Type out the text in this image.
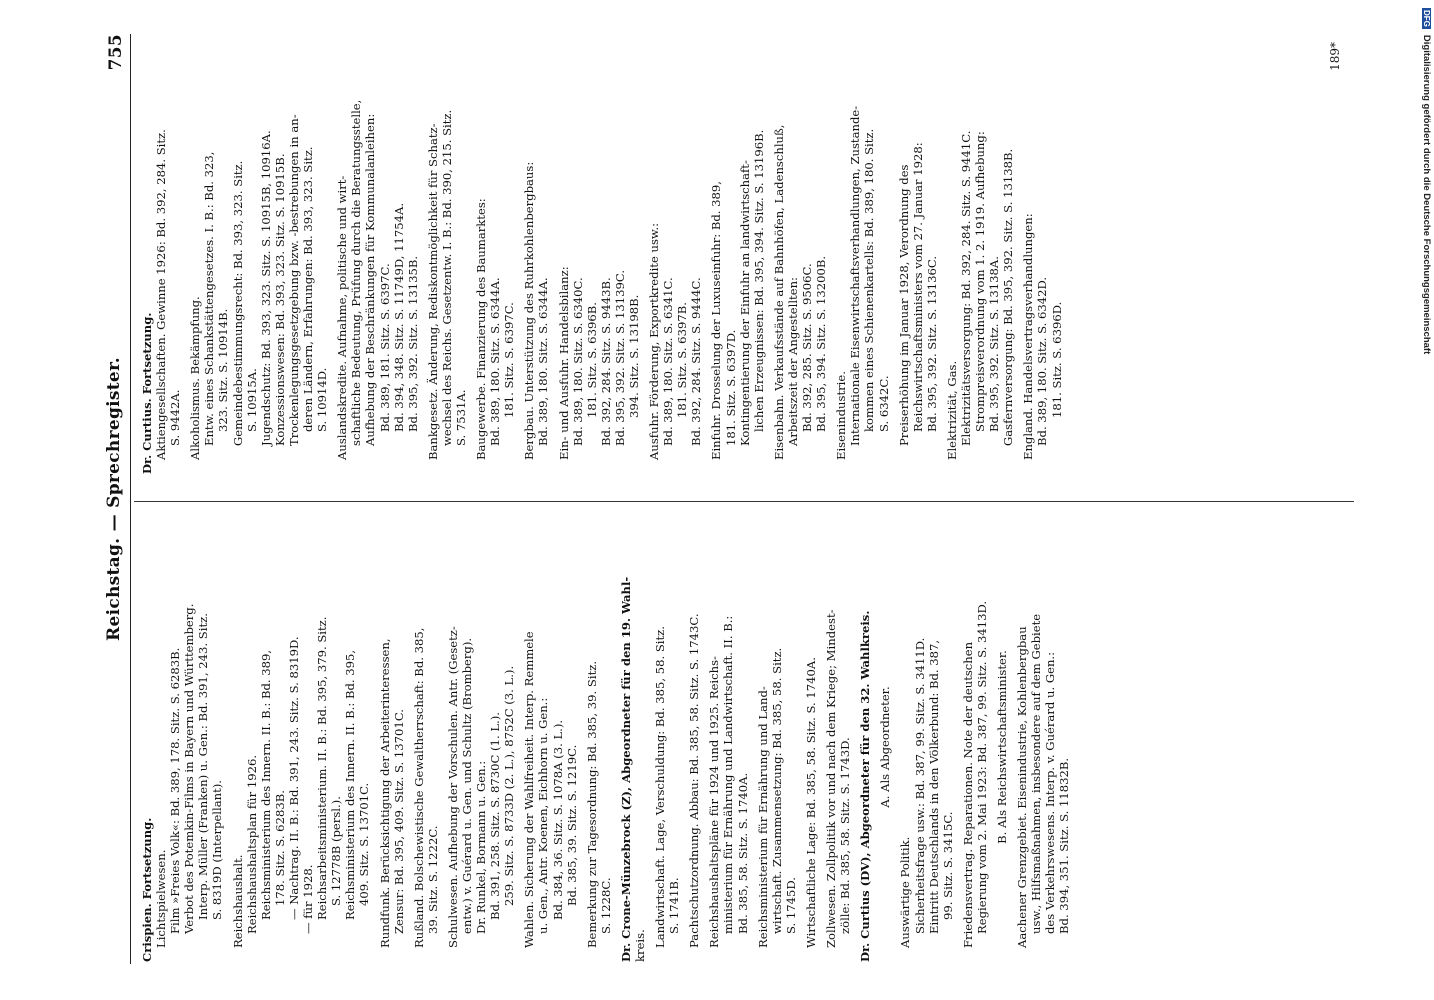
Reichstag. — Sprechregister.
755
Crispien. Fortsetzung. Lichtspielwesen. Film »Freies Volk«: Bd. 389, 178. Sitz. S. 6283B. Verbot des Potemkin-Films in Bayern und Württemberg. Interp. Müller (Franken) u. Gen.: Bd. 391, 243. Sitz. S. 8319D (Interpellant). Reichshaushalt. Reichshaushaltsplan für 1926. Reichsministerium des Innern. II. B.: Bd. 389, 178. Sitz. S. 6283B. — Nachtrag. II. B.: Bd. 391, 243. Sitz. S. 8319D. — für 1928. Reichsarbeitsministerium. II. B.: Bd. 395, 379. Sitz. S. 12778B (persl.). Reichsministerium des Innern. II. B.: Bd. 395, 409. Sitz. S. 13701C. Rundfunk. Berücksichtigung der Arbeiterinteressen, Zensur: Bd. 395, 409. Sitz. S. 13701C. Rußland. Bolschewistische Gewaltherrschaft: Bd. 385, 39. Sitz. S. 1222C. Schulwesen. Aufhebung der Vorschulen. Antr. (Gesetz- entw.) v. Guérard u. Gen. und Schultz (Bromberg). Dr. Runkel, Bormann u. Gen.: Bd. 391, 258. Sitz. S. 8730C (1. L.). 259. Sitz. S. 8733D (2. L.), 8752C (3. L.). Wahlen. Sicherung der Wahlfreiheit. Interp. Remmele u. Gen., Antr. Koenen, Eichhorn u. Gen.: Bd. 384, 36. Sitz. S. 1078A (3. L.). Bd. 385, 39. Sitz. S. 1219C. Bemerkung zur Tagesordnung: Bd. 385, 39. Sitz. S. 1228C. Dr. Crone-Münzebrock (Z), Abgeordneter für den 19. Wahl- kreis. Landwirtschaft. Lage, Verschuldung: Bd. 385, 58. Sitz. S. 1741B. Pachtschutzordnung. Abbau: Bd. 385, 58. Sitz. S. 1743C. Reichshaushaltspläne für 1924 und 1925. Reichs- ministerium für Ernährung und Landwirtschaft. II. B.: Bd. 385, 58. Sitz. S. 1740A. Reichsministerium für Ernährung und Land- wirtschaft. Zusammensetzung: Bd. 385, 58. Sitz. S. 1745D. Wirtschaftliche Lage: Bd. 385, 58. Sitz. S. 1740A. Zollwesen. Zollpolitik vor und nach dem Kriege; Mindest- zölle: Bd. 385, 58. Sitz. S. 1743D. Dr. Curtius (DV), Abgeordneter für den 32. Wahlkreis. A. Als Abgeordneter.
Auswärtige Politik. Sicherheitsfrage usw.: Bd. 387, 99. Sitz. S. 3411D. Eintritt Deutschlands in den Völkerbund: Bd. 387, 99. Sitz. S. 3415C. Friedensvertrag. Reparationen. Note der deutschen Regierung vom 2. Mai 1923: Bd. 387, 99. Sitz. S. 3413D. B. Als Reichswirtschaftsminister. Aachener Grenzgebiet. Eisenindustrie, Kohlenbergbau usw., Hilfsmaßnahmen, insbesondere auf dem Gebiete des Verkehrswesens. Interp. v. Guérard u. Gen.: Bd. 394, 351. Sitz. S. 11832B.
Dr. Curtius. Fortsetzung. Aktiengesellschaften. Gewinne 1926: Bd. 392, 284. Sitz. S. 9442A. Alkoholismus. Bekämpfung. Entw. eines Schankstättengesetzes. I. B.: Bd. 323, 323. Sitz. S. 10914B. Gemeindebestimmungsrecht: Bd. 393, 323. Sitz. S. 10915A. Jugendschutz: Bd. 393, 323. Sitz. S. 10915B, 10916A. Konzessionswesen: Bd. 393, 323. Sitz. S. 10915B. Trockenlegungsgesetzgebung bzw. -bestrebungen in an- deren Ländern, Erfahrungen: Bd. 393, 323. Sitz. S. 10914D. Auslandskredite. Aufnahme, politische und wirt- schaftliche Bedeutung, Prüfung durch die Beratungsstelle, Aufhebung der Beschränkungen für Kommunalanleihen: Bd. 389, 181. Sitz. S. 6397C. Bd. 394, 348. Sitz. S. 11749D, 11754A. Bd. 395, 392. Sitz. S. 13135B. Bankgesetz. Änderung, Rediskontmöglichkeit für Schatz- wechsel des Reichs. Gesetzentw. I. B.: Bd. 390, 215. Sitz. S. 7531A. Baugewerbe. Finanzierung des Baumarktes: Bd. 389, 180. Sitz. S. 6344A. 181. Sitz. S. 6397C. Bergbau. Unterstützung des Ruhrkohlenbergbaus: Bd. 389, 180. Sitz. S. 6344A. Ein- und Ausfuhr. Handelsbilanz: Bd. 389, 180. Sitz. S. 6340C. 181. Sitz. S. 6396B. Bd. 392, 284. Sitz. S. 9443B. Bd. 395, 392. Sitz. S. 13139C. 394. Sitz. S. 13198B. Ausfuhr. Förderung, Exportkredite usw.: Bd. 389, 180. Sitz. S. 6341C. 181. Sitz. S. 6397B. Bd. 392, 284. Sitz. S. 9444C. Einfuhr. Drosselung der Luxuseinfuhr: Bd. 389, 181. Sitz. S. 6397D. Kontingentierung der Einfuhr an landwirtschaft- lichen Erzeugnissen: Bd. 395, 394. Sitz. S. 13196B. Eisenbahn. Verkaufsstände auf Bahnhöfen, Ladenschluß, Arbeitszeit der Angestellten: Bd. 392, 285. Sitz. S. 9506C. Bd. 395, 394. Sitz. S. 13200B. Eisenindustrie. Internationale Eisenwirtschaftsverhandlungen, Zustande- kommen eines Schienenkartells: Bd. 389, 180. Sitz. S. 6342C. Preiserhöhung im Januar 1928, Verordnung des Reichswirtschaftsministers vom 27. Januar 1928: Bd. 395, 392. Sitz. S. 13136C. Elektrizität, Gas. Elektrizitätsversorgung: Bd. 392, 284. Sitz. S. 9441C. Strompreisverordnung vom 1. 2. 1919. Aufhebung: Bd. 395, 392. Sitz. S. 13138A. Gasfernversorgung: Bd. 395, 392. Sitz. S. 13138B. England. Handelsvertragsverhandlungen: Bd. 389, 180. Sitz. S. 6342D. 181. Sitz. S. 6396D.
189*
DFGDigitalisierung gefördert durch die Deutsche Forschungsgemeinschaft
